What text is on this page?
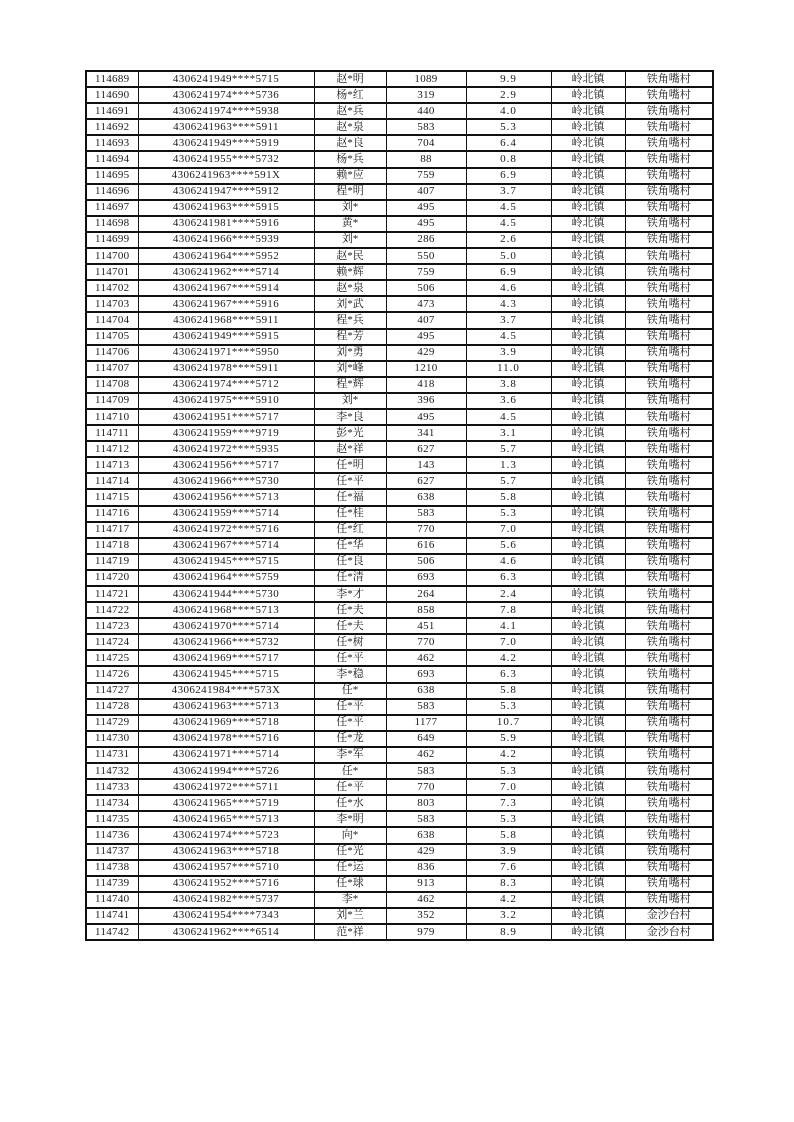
114689	4306241949****5715	赵*明	1089	9.9	岭北镇	铁角嘴村
114690	4306241974****5736	杨*红	319	2.9	岭北镇	铁角嘴村
114691	4306241974****5938	赵*兵	440	4.0	岭北镇	铁角嘴村
114692	4306241963****5911	赵*泉	583	5.3	岭北镇	铁角嘴村
114693	4306241949****5919	赵*良	704	6.4	岭北镇	铁角嘴村
114694	4306241955****5732	杨*兵	88	0.8	岭北镇	铁角嘴村
114695	4306241963****591X	赖*应	759	6.9	岭北镇	铁角嘴村
114696	4306241947****5912	程*明	407	3.7	岭北镇	铁角嘴村
114697	4306241963****5915	刘*	495	4.5	岭北镇	铁角嘴村
114698	4306241981****5916	黄*	495	4.5	岭北镇	铁角嘴村
114699	4306241966****5939	刘*	286	2.6	岭北镇	铁角嘴村
114700	4306241964****5952	赵*民	550	5.0	岭北镇	铁角嘴村
114701	4306241962****5714	赖*辉	759	6.9	岭北镇	铁角嘴村
114702	4306241967****5914	赵*泉	506	4.6	岭北镇	铁角嘴村
114703	4306241967****5916	刘*武	473	4.3	岭北镇	铁角嘴村
114704	4306241968****5911	程*兵	407	3.7	岭北镇	铁角嘴村
114705	4306241949****5915	程*芳	495	4.5	岭北镇	铁角嘴村
114706	4306241971****5950	刘*勇	429	3.9	岭北镇	铁角嘴村
114707	4306241978****5911	刘*峰	1210	11.0	岭北镇	铁角嘴村
114708	4306241974****5712	程*辉	418	3.8	岭北镇	铁角嘴村
114709	4306241975****5910	刘*	396	3.6	岭北镇	铁角嘴村
114710	4306241951****5717	李*良	495	4.5	岭北镇	铁角嘴村
114711	4306241959****9719	彭*光	341	3.1	岭北镇	铁角嘴村
114712	4306241972****5935	赵*祥	627	5.7	岭北镇	铁角嘴村
114713	4306241956****5717	任*明	143	1.3	岭北镇	铁角嘴村
114714	4306241966****5730	任*平	627	5.7	岭北镇	铁角嘴村
114715	4306241956****5713	任*福	638	5.8	岭北镇	铁角嘴村
114716	4306241959****5714	任*桂	583	5.3	岭北镇	铁角嘴村
114717	4306241972****5716	任*红	770	7.0	岭北镇	铁角嘴村
114718	4306241967****5714	任*华	616	5.6	岭北镇	铁角嘴村
114719	4306241945****5715	任*良	506	4.6	岭北镇	铁角嘴村
114720	4306241964****5759	任*清	693	6.3	岭北镇	铁角嘴村
114721	4306241944****5730	李*才	264	2.4	岭北镇	铁角嘴村
114722	4306241968****5713	任*夫	858	7.8	岭北镇	铁角嘴村
114723	4306241970****5714	任*夫	451	4.1	岭北镇	铁角嘴村
114724	4306241966****5732	任*树	770	7.0	岭北镇	铁角嘴村
114725	4306241969****5717	任*平	462	4.2	岭北镇	铁角嘴村
114726	4306241945****5715	李*稳	693	6.3	岭北镇	铁角嘴村
114727	4306241984****573X	任*	638	5.8	岭北镇	铁角嘴村
114728	4306241963****5713	任*平	583	5.3	岭北镇	铁角嘴村
114729	4306241969****5718	任*平	1177	10.7	岭北镇	铁角嘴村
114730	4306241978****5716	任*龙	649	5.9	岭北镇	铁角嘴村
114731	4306241971****5714	李*军	462	4.2	岭北镇	铁角嘴村
114732	4306241994****5726	任*	583	5.3	岭北镇	铁角嘴村
114733	4306241972****5711	任*平	770	7.0	岭北镇	铁角嘴村
114734	4306241965****5719	任*水	803	7.3	岭北镇	铁角嘴村
114735	4306241965****5713	李*明	583	5.3	岭北镇	铁角嘴村
114736	4306241974****5723	向*	638	5.8	岭北镇	铁角嘴村
114737	4306241963****5718	任*光	429	3.9	岭北镇	铁角嘴村
114738	4306241957****5710	任*运	836	7.6	岭北镇	铁角嘴村
114739	4306241952****5716	任*球	913	8.3	岭北镇	铁角嘴村
114740	4306241982****5737	李*	462	4.2	岭北镇	铁角嘴村
114741	4306241954****7343	刘*兰	352	3.2	岭北镇	金沙台村
114742	4306241962****6514	范*祥	979	8.9	岭北镇	金沙台村
